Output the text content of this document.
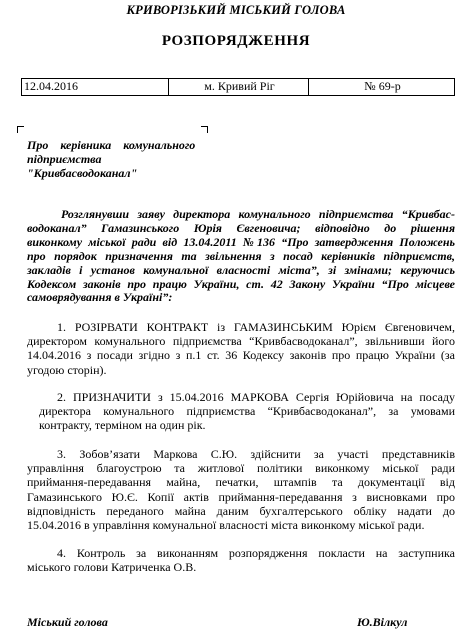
КРИВОРІЗЬКИЙ МІСЬКИЙ ГОЛОВА
РОЗПОРЯДЖЕННЯ
12.04.2016	м. Кривий Ріг	№ 69-р
Про    керівника    комунального
підприємства
"Кривбасводоканал"
Розглянувши заяву директора комунального підприємства “Кривбас-
водоканал” Гамазинського Юрія Євгеновича; відповідно до рішення
виконкому міської ради від 13.04.2011 №136 “Про затвердження Положень
про порядок призначення та звільнення з посад керівників підприємств,
закладів і установ комунальної власності міста”, зі змінами; керуючись
Кодексом законів про працю України, ст. 42 Закону України “Про місцеве
самоврядування в Україні”:
1. РОЗІРВАТИ КОНТРАКТ із ГАМАЗИНСЬКИМ Юрієм Євгеновичем,
директором комунального підприємства “Кривбасводоканал”, звільнивши його
14.04.2016 з посади згідно з п.1 ст. 36 Кодексу законів про працю України (за
угодою сторін).
2. ПРИЗНАЧИТИ з 15.04.2016 МАРКОВА Сергія Юрійовича на посаду
директора комунального підприємства “Кривбасводоканал”, за умовами
контракту, терміном на один рік.
3. Зобов’язати Маркова С.Ю. здійснити за участі представників
управління благоустрою та житлової політики виконкому міської ради
приймання-передавання майна, печатки, штампів та документації від
Гамазинського Ю.Є. Копії актів приймання-передавання з висновками про
відповідність переданого майна даним бухгалтерського обліку надати до
15.04.2016 в управління комунальної власності міста виконкому міської ради.
4. Контроль за виконанням розпорядження покласти на заступника
міського голови Катриченка О.В.
Міський голова	Ю.Вілкул
